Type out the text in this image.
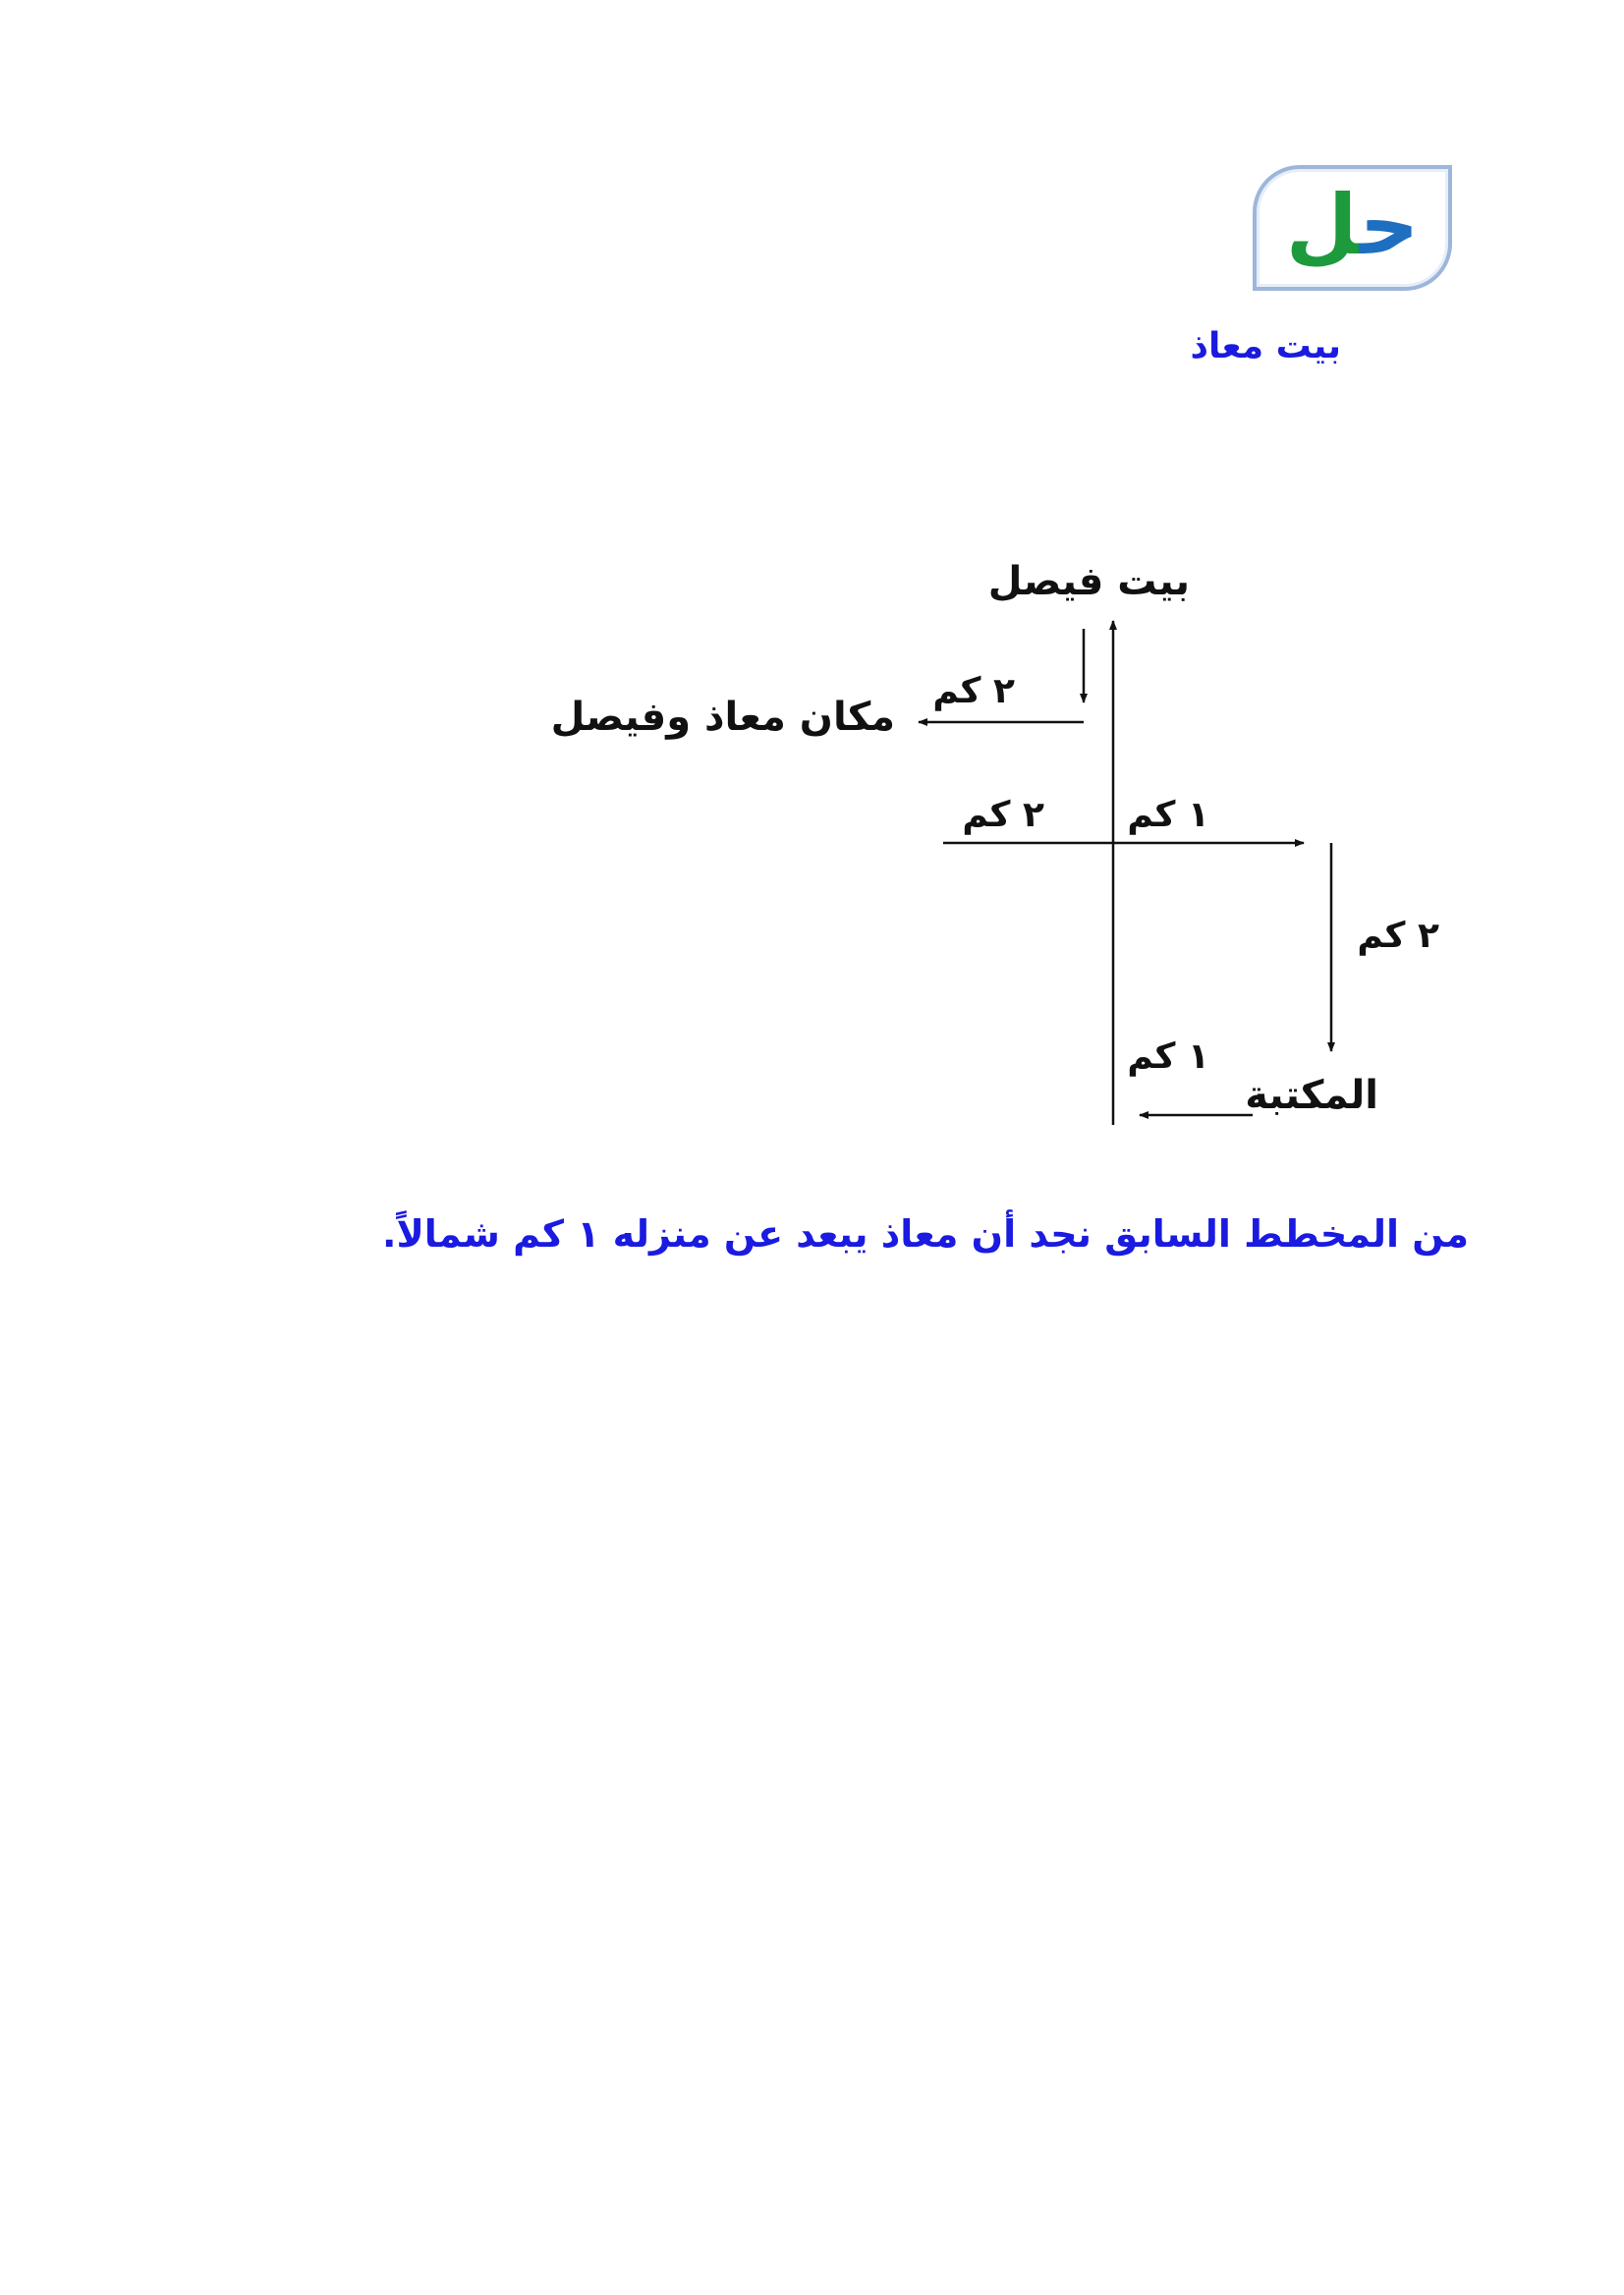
حل
بيت معاذ
بيت فيصل
٢ كم
مكان معاذ وفيصل
٢ كم ١ كم
٢ كم
١ كم
المكتبة
من المخطط السابق نجد أن معاذ يبعد عن منزله ١ كم شمالاً.
